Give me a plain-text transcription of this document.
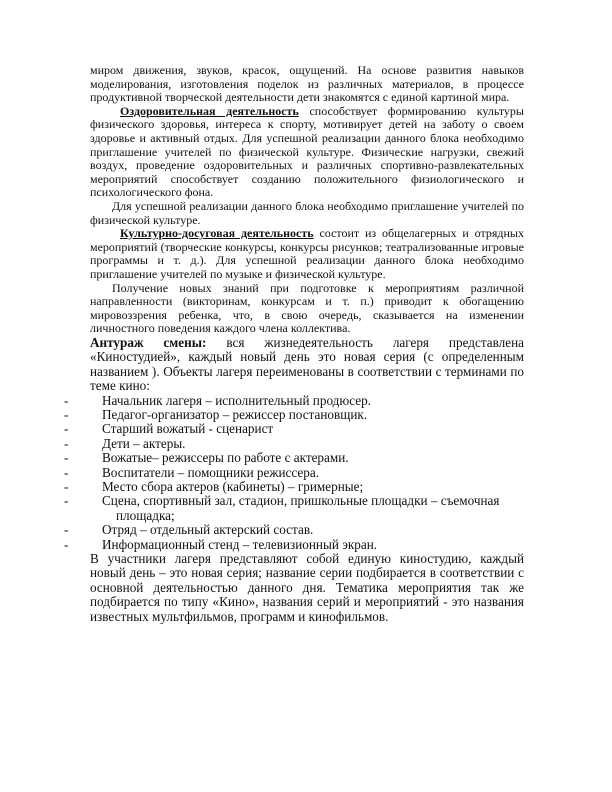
миром движения, звуков, красок, ощущений. На основе развития навыков моделирования, изготовления поделок из различных материалов, в процессе продуктивной творческой деятельности дети знакомятся с единой картиной мира.

Оздоровительная деятельность способствует формированию культуры физического здоровья, интереса к спорту, мотивирует детей на заботу о своем здоровье и активный отдых. Для успешной реализации данного блока необходимо приглашение учителей по физической культуре. Физические нагрузки, свежий воздух, проведение оздоровительных и различных спортивно-развлекательных мероприятий способствует созданию положительного физиологического и психологического фона.

Для успешной реализации данного блока необходимо приглашение учителей по физической культуре.

Культурно-досуговая деятельность состоит из общелагерных и отрядных мероприятий (творческие конкурсы, конкурсы рисунков; театрализованные игровые программы и т. д.). Для успешной реализации данного блока необходимо приглашение учителей по музыке и физической культуре.

Получение новых знаний при подготовке к мероприятиям различной направленности (викторинам, конкурсам и т. п.) приводит к обогащению мировоззрения ребенка, что, в свою очередь, сказывается на изменении личностного поведения каждого члена коллектива.

Антураж смены: вся жизнедеятельность лагеря представлена «Киностудией», каждый новый день это новая серия (с определенным названием ). Объекты лагеря переименованы в соответствии с терминами по теме кино:

-	Начальник лагеря – исполнительный продюсер.
-	Педагог-организатор – режиссер постановщик.
-	Старший вожатый - сценарист
-	Дети – актеры.
-	Вожатые– режиссеры по работе с актерами.
-	Воспитатели – помощники режиссера.
-	Место сбора актеров (кабинеты) – гримерные;
-	Сцена, спортивный зал, стадион, пришкольные площадки – съемочная площадка;
-	Отряд – отдельный актерский состав.
-	Информационный стенд – телевизионный экран.

В участники лагеря представляют собой единую киностудию, каждый новый день – это новая серия; название серии подбирается в соответствии с основной деятельностью данного дня. Тематика мероприятия так же подбирается по типу «Кино», названия серий и мероприятий - это названия известных мультфильмов, программ и кинофильмов.
